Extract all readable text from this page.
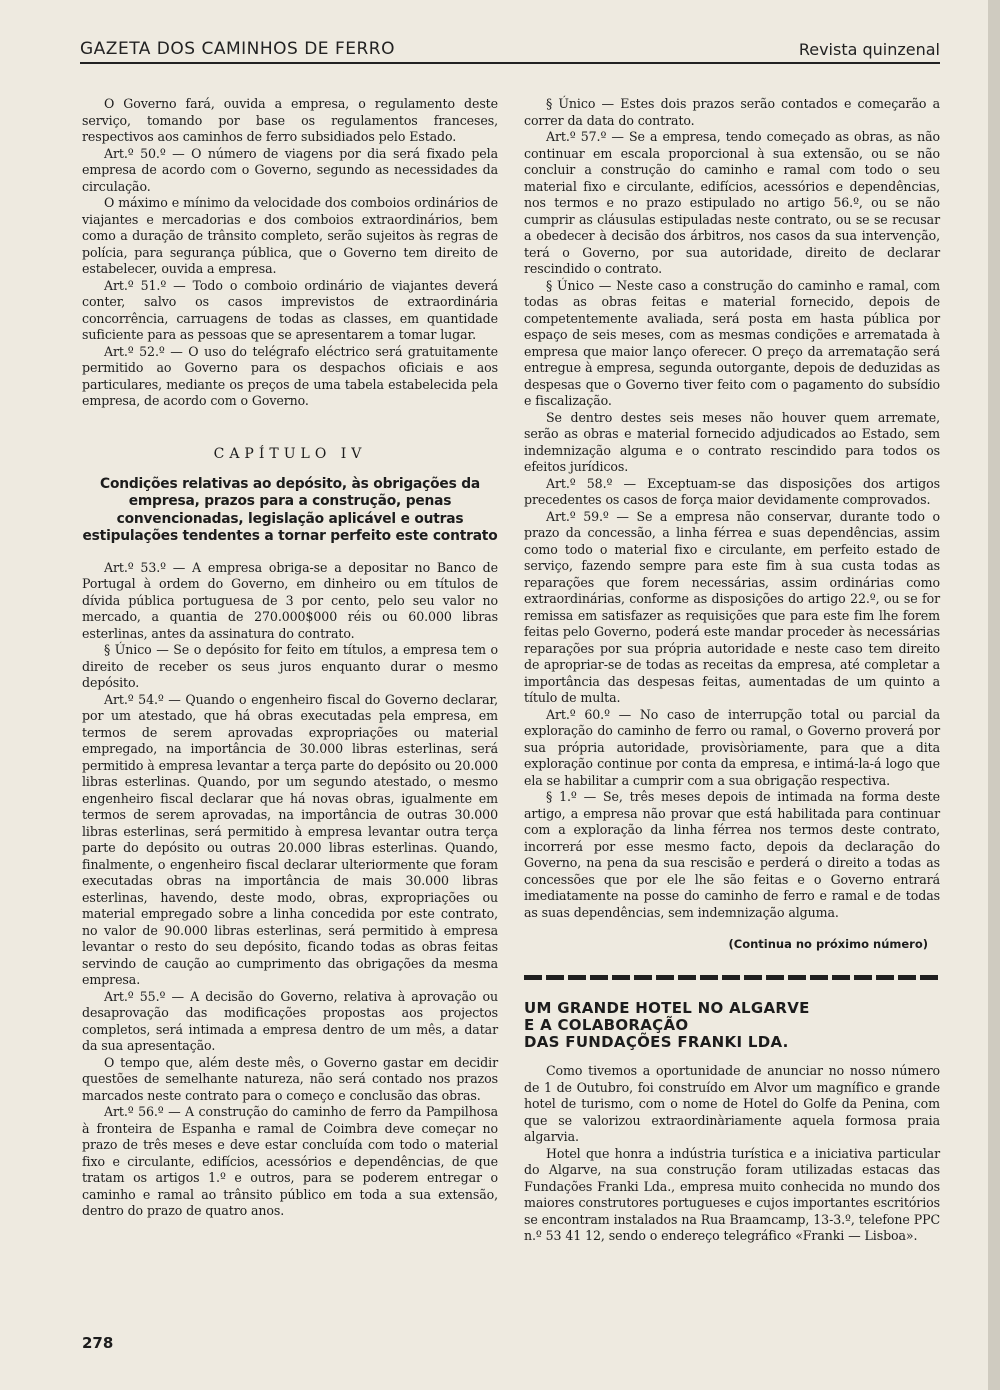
GAZETA DOS CAMINHOS DE FERRO	Revista quinzenal

O Governo fará, ouvida a empresa, o regulamento deste serviço, tomando por base os regulamentos franceses, respectivos aos caminhos de ferro subsidiados pelo Estado.

Art.º 50.º — O número de viagens por dia será fixado pela empresa de acordo com o Governo, segundo as necessidades da circulação.

O máximo e mínimo da velocidade dos comboios ordinários de viajantes e mercadorias e dos comboios extraordinários, bem como a duração de trânsito completo, serão sujeitos às regras de polícia, para segurança pública, que o Governo tem direito de estabelecer, ouvida a empresa.

Art.º 51.º — Todo o comboio ordinário de viajantes deverá conter, salvo os casos imprevistos de extraordinária concorrência, carruagens de todas as classes, em quantidade suficiente para as pessoas que se apresentarem a tomar lugar.

Art.º 52.º — O uso do telégrafo eléctrico será gratuitamente permitido ao Governo para os despachos oficiais e aos particulares, mediante os preços de uma tabela estabelecida pela empresa, de acordo com o Governo.

CAPÍTULO IV
Condições relativas ao depósito, às obrigações da empresa, prazos para a construção, penas convencionadas, legislação aplicável e outras estipulações tendentes a tornar perfeito este contrato

Art.º 53.º — A empresa obriga-se a depositar no Banco de Portugal à ordem do Governo, em dinheiro ou em títulos de dívida pública portuguesa de 3 por cento, pelo seu valor no mercado, a quantia de 270.000$000 réis ou 60.000 libras esterlinas, antes da assinatura do contrato.

§ Único — Se o depósito for feito em títulos, a empresa tem o direito de receber os seus juros enquanto durar o mesmo depósito.

Art.º 54.º — Quando o engenheiro fiscal do Governo declarar, por um atestado, que há obras executadas pela empresa, em termos de serem aprovadas expropriações ou material empregado, na importância de 30.000 libras esterlinas, será permitido à empresa levantar a terça parte do depósito ou 20.000 libras esterlinas. Quando, por um segundo atestado, o mesmo engenheiro fiscal declarar que há novas obras, igualmente em termos de serem aprovadas, na importância de outras 30.000 libras esterlinas, será permitido à empresa levantar outra terça parte do depósito ou outras 20.000 libras esterlinas. Quando, finalmente, o engenheiro fiscal declarar ulteriormente que foram executadas obras na importância de mais 30.000 libras esterlinas, havendo, deste modo, obras, expropriações ou material empregado sobre a linha concedida por este contrato, no valor de 90.000 libras esterlinas, será permitido à empresa levantar o resto do seu depósito, ficando todas as obras feitas servindo de caução ao cumprimento das obrigações da mesma empresa.

Art.º 55.º — A decisão do Governo, relativa à aprovação ou desaprovação das modificações propostas aos projectos completos, será intimada a empresa dentro de um mês, a datar da sua apresentação.

O tempo que, além deste mês, o Governo gastar em decidir questões de semelhante natureza, não será contado nos prazos marcados neste contrato para o começo e conclusão das obras.

Art.º 56.º — A construção do caminho de ferro da Pampilhosa à fronteira de Espanha e ramal de Coimbra deve começar no prazo de três meses e deve estar concluída com todo o material fixo e circulante, edifícios, acessórios e dependências, de que tratam os artigos 1.º e outros, para se poderem entregar o caminho e ramal ao trânsito público em toda a sua extensão, dentro do prazo de quatro anos.

§ Único — Estes dois prazos serão contados e começarão a correr da data do contrato.

Art.º 57.º — Se a empresa, tendo começado as obras, as não continuar em escala proporcional à sua extensão, ou se não concluir a construção do caminho e ramal com todo o seu material fixo e circulante, edifícios, acessórios e dependências, nos termos e no prazo estipulado no artigo 56.º, ou se não cumprir as cláusulas estipuladas neste contrato, ou se se recusar a obedecer à decisão dos árbitros, nos casos da sua intervenção, terá o Governo, por sua autoridade, direito de declarar rescindido o contrato.

§ Único — Neste caso a construção do caminho e ramal, com todas as obras feitas e material fornecido, depois de competentemente avaliada, será posta em hasta pública por espaço de seis meses, com as mesmas condições e arrematada à empresa que maior lanço oferecer. O preço da arrematação será entregue à empresa, segunda outorgante, depois de deduzidas as despesas que o Governo tiver feito com o pagamento do subsídio e fiscalização.

Se dentro destes seis meses não houver quem arremate, serão as obras e material fornecido adjudicados ao Estado, sem indemnização alguma e o contrato rescindido para todos os efeitos jurídicos.

Art.º 58.º — Exceptuam-se das disposições dos artigos precedentes os casos de força maior devidamente comprovados.

Art.º 59.º — Se a empresa não conservar, durante todo o prazo da concessão, a linha férrea e suas dependências, assim como todo o material fixo e circulante, em perfeito estado de serviço, fazendo sempre para este fim à sua custa todas as reparações que forem necessárias, assim ordinárias como extraordinárias, conforme as disposições do artigo 22.º, ou se for remissa em satisfazer as requisições que para este fim lhe forem feitas pelo Governo, poderá este mandar proceder às necessárias reparações por sua própria autoridade e neste caso tem direito de apropriar-se de todas as receitas da empresa, até completar a importância das despesas feitas, aumentadas de um quinto a título de multa.

Art.º 60.º — No caso de interrupção total ou parcial da exploração do caminho de ferro ou ramal, o Governo proverá por sua própria autoridade, provisòriamente, para que a dita exploração continue por conta da empresa, e intimá-la-á logo que ela se habilitar a cumprir com a sua obrigação respectiva.

§ 1.º — Se, três meses depois de intimada na forma deste artigo, a empresa não provar que está habilitada para continuar com a exploração da linha férrea nos termos deste contrato, incorrerá por esse mesmo facto, depois da declaração do Governo, na pena da sua rescisão e perderá o direito a todas as concessões que por ele lhe são feitas e o Governo entrará imediatamente na posse do caminho de ferro e ramal e de todas as suas dependências, sem indemnização alguma.

(Continua no próximo número)
UM GRANDE HOTEL NO ALGARVE
E A COLABORAÇÃO
DAS FUNDAÇÕES FRANKI LDA.

Como tivemos a oportunidade de anunciar no nosso número de 1 de Outubro, foi construído em Alvor um magnífico e grande hotel de turismo, com o nome de Hotel do Golfe da Penina, com que se valorizou extraordinàriamente aquela formosa praia algarvia.

Hotel que honra a indústria turística e a iniciativa particular do Algarve, na sua construção foram utilizadas estacas das Fundações Franki Lda., empresa muito conhecida no mundo dos maiores construtores portugueses e cujos importantes escritórios se encontram instalados na Rua Braamcamp, 13-3.º, telefone PPC n.º 53 41 12, sendo o endereço telegráfico «Franki — Lisboa».

278
